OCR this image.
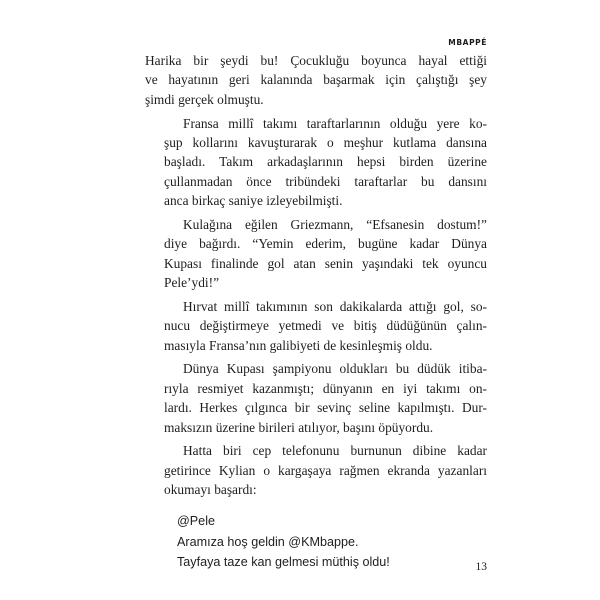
MBAPPÉ
Harika bir şeydi bu! Çocukluğu boyunca hayal ettiği
ve hayatının geri kalanında başarmak için çalıştığı şey
şimdi gerçek olmuştu.
Fransa millî takımı taraftarlarının olduğu yere ko-
şup kollarını kavuşturarak o meşhur kutlama dansına
başladı. Takım arkadaşlarının hepsi birden üzerine
çullanmadan önce tribündeki taraftarlar bu dansını
anca birkaç saniye izleyebilmişti.
Kulağına eğilen Griezmann, “Efsanesin dostum!”
diye bağırdı. “Yemin ederim, bugüne kadar Dünya
Kupası finalinde gol atan senin yaşındaki tek oyuncu
Pele’ydi!”
Hırvat millî takımının son dakikalarda attığı gol, so-
nucu değiştirmeye yetmedi ve bitiş düdüğünün çalın-
masıyla Fransa’nın galibiyeti de kesinleşmiş oldu.
Dünya Kupası şampiyonu oldukları bu düdük itiba-
rıyla resmiyet kazanmıştı; dünyanın en iyi takımı on-
lardı. Herkes çılgınca bir sevinç seline kapılmıştı. Dur-
maksızın üzerine birileri atılıyor, başını öpüyordu.
Hatta biri cep telefonunu burnunun dibine kadar
getirince Kylian o kargaşaya rağmen ekranda yazanları
okumayı başardı:
@Pele
Aramıza hoş geldin @KMbappe.
Tayfaya taze kan gelmesi müthiş oldu!	13
